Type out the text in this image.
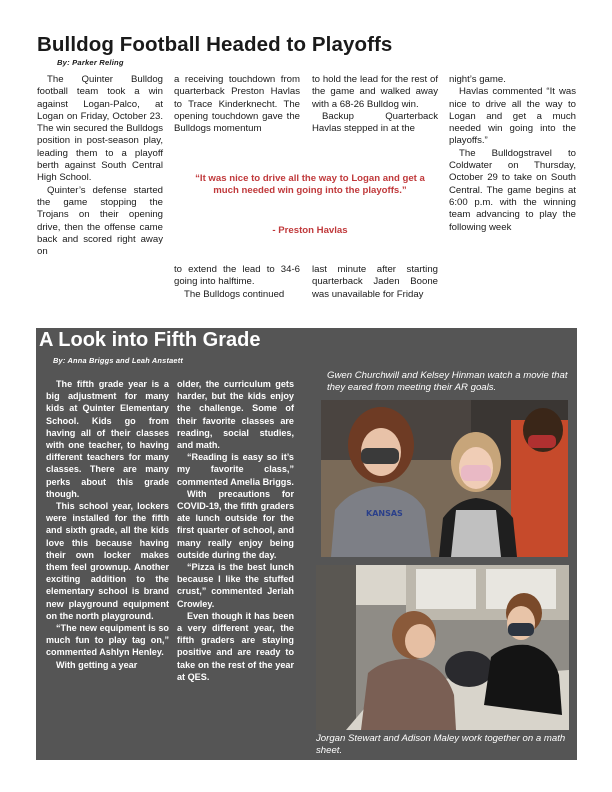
Bulldog Football Headed to Playoffs
By: Parker Reling

The Quinter Bulldog football team took a win against Logan-Palco, at Logan on Friday, October 23. The win secured the Bulldogs position in post-season play, leading them to a playoff berth against South Central High School.

Quinter’s defense started the game stopping the Trojans on their opening drive, then the offense came back and scored right away on

a receiving touchdown from quarterback Preston Havlas to Trace Kinderknecht. The opening touchdown gave the Bulldogs momentum

to hold the lead for the rest of the game and walked away with a 68-26 Bulldog win.

Backup Quarterback Havlas stepped in at the

“It was nice to drive all the way to Logan and get a much needed win going into the playoffs.”
- Preston Havlas

to extend the lead to 34-6 going into halftime.

The Bulldogs continued

last minute after starting quarterback Jaden Boone was unavailable for Friday

night’s game.

Havlas commented “It was nice to drive all the way to Logan and get a much needed win going into the playoffs.”

The Bulldogstravel to Coldwater on Thursday, October 29 to take on South Central. The game begins at 6:00 p.m. with the winning team advancing to play the following week

A Look into Fifth Grade
By: Anna Briggs and Leah Anstaett

The fifth grade year is a big adjustment for many kids at Quinter Elementary School. Kids go from having all of their classes with one teacher, to having different teachers for many classes. There are many perks about this grade though.

This school year, lockers were installed for the fifth and sixth grade, all the kids love this because having their own locker makes them feel grownup. Another exciting addition to the elementary school is brand new playground equipment on the north playground.

“The new equipment is so much fun to play tag on,” commented Ashlyn Henley.

With getting a year

older, the curriculum gets harder, but the kids enjoy the challenge. Some of their favorite classes are reading, social studies, and math.

“Reading is easy so it’s my favorite class,” commented Amelia Briggs.

With precautions for COVID-19, the fifth graders ate lunch outside for the first quarter of school, and many really enjoy being outside during the day.

“Pizza is the best lunch because I like the stuffed crust,” commented Jeriah Crowley.

Even though it has been a very different year, the fifth graders are staying positive and are ready to take on the rest of the year at QES.

Gwen Churchwill and Kelsey Hinman watch a movie that they eared from meeting their AR goals.
KANSAS
Jorgan Stewart and Adison Maley work together on a math sheet.
